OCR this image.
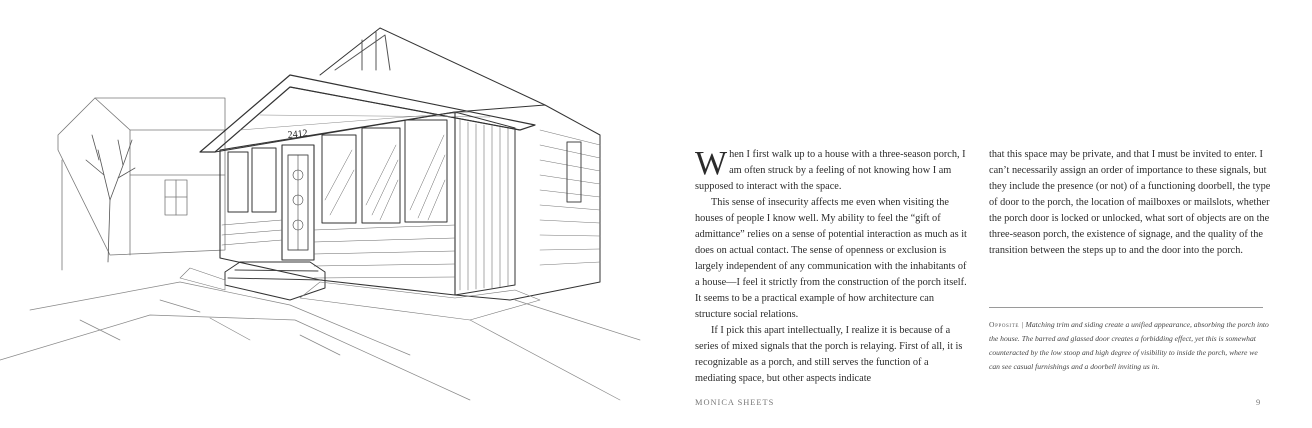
2412

When I first walk up to a house with a three-season porch, I am often struck by a feeling of not knowing how I am supposed to interact with the space.

This sense of insecurity affects me even when visiting the houses of people I know well. My ability to feel the “gift of admittance” relies on a sense of potential interaction as much as it does on actual contact. The sense of openness or exclusion is largely independent of any communication with the inhabitants of a house—I feel it strictly from the construction of the porch itself. It seems to be a practical example of how architecture can structure social relations.

If I pick this apart intellectually, I realize it is because of a series of mixed signals that the porch is relaying. First of all, it is recognizable as a porch, and still serves the function of a mediating space, but other aspects indicate

that this space may be private, and that I must be invited to enter. I can’t necessarily assign an order of importance to these signals, but they include the presence (or not) of a functioning doorbell, the type of door to the porch, the location of mailboxes or mailslots, whether the porch door is locked or unlocked, what sort of objects are on the three-season porch, the existence of signage, and the quality of the transition between the steps up to and the door into the porch.

Opposite | Matching trim and siding create a unified appearance, absorbing the porch into the house. The barred and glassed door creates a forbidding effect, yet this is somewhat counteracted by the low stoop and high degree of visibility to inside the porch, where we can see casual furnishings and a doorbell inviting us in.
MONICA SHEETS	9
